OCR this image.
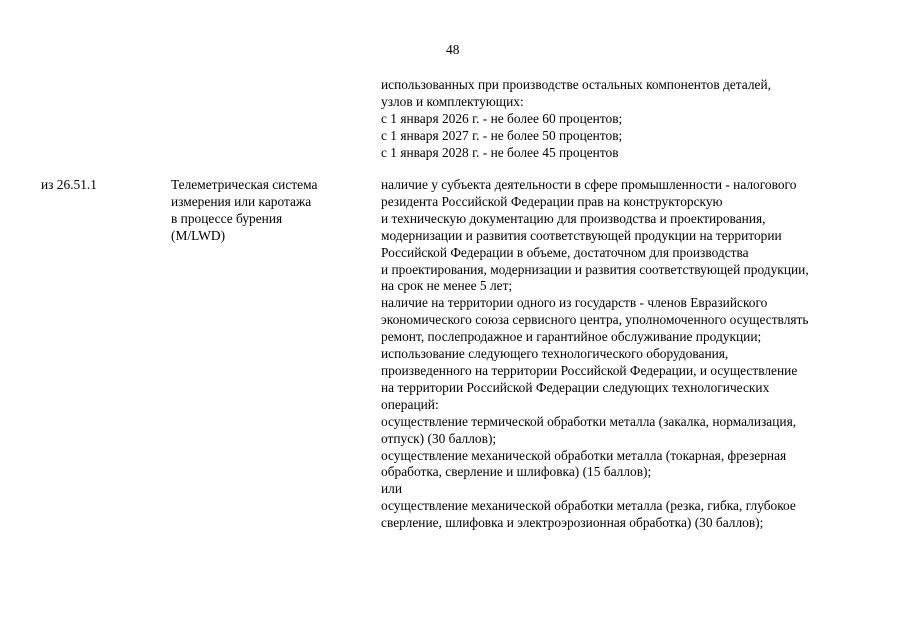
48
использованных при производстве остальных компонентов деталей,
узлов и комплектующих:
с 1 января 2026 г. - не более 60 процентов;
с 1 января 2027 г. - не более 50 процентов;
с 1 января 2028 г. - не более 45 процентов
из 26.51.1	Телеметрическая система
измерения или каротажа
в процессе бурения
(M/LWD)
наличие у субъекта деятельности в сфере промышленности - налогового
резидента Российской Федерации прав на конструкторскую
и техническую документацию для производства и проектирования,
модернизации и развития соответствующей продукции на территории
Российской Федерации в объеме, достаточном для производства
и проектирования, модернизации и развития соответствующей продукции,
на срок не менее 5 лет;
наличие на территории одного из государств - членов Евразийского
экономического союза сервисного центра, уполномоченного осуществлять
ремонт, послепродажное и гарантийное обслуживание продукции;
использование следующего технологического оборудования,
произведенного на территории Российской Федерации, и осуществление
на территории Российской Федерации следующих технологических
операций:
осуществление термической обработки металла (закалка, нормализация,
отпуск) (30 баллов);
осуществление механической обработки металла (токарная, фрезерная
обработка, сверление и шлифовка) (15 баллов);
или
осуществление механической обработки металла (резка, гибка, глубокое
сверление, шлифовка и электроэрозионная обработка) (30 баллов);
